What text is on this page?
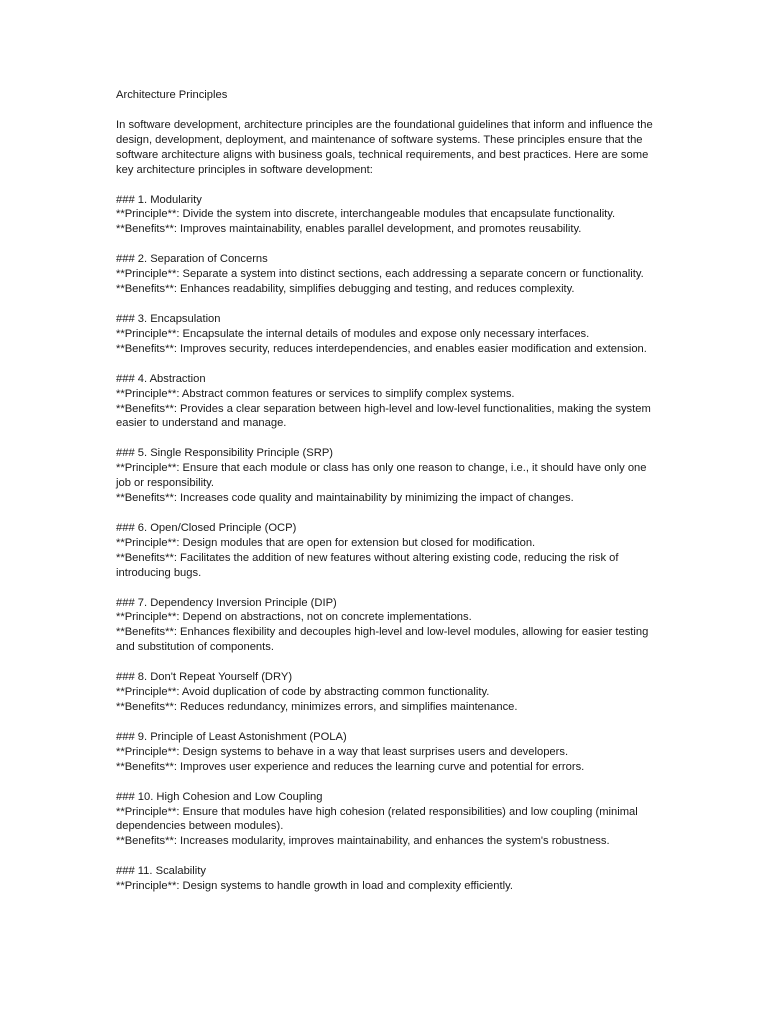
Architecture Principles

In software development, architecture principles are the foundational guidelines that inform and influence the design, development, deployment, and maintenance of software systems. These principles ensure that the software architecture aligns with business goals, technical requirements, and best practices. Here are some key architecture principles in software development:

### 1. Modularity
**Principle**: Divide the system into discrete, interchangeable modules that encapsulate functionality.
**Benefits**: Improves maintainability, enables parallel development, and promotes reusability.
### 2. Separation of Concerns
**Principle**: Separate a system into distinct sections, each addressing a separate concern or functionality.
**Benefits**: Enhances readability, simplifies debugging and testing, and reduces complexity.
### 3. Encapsulation
**Principle**: Encapsulate the internal details of modules and expose only necessary interfaces.
**Benefits**: Improves security, reduces interdependencies, and enables easier modification and extension.
### 4. Abstraction
**Principle**: Abstract common features or services to simplify complex systems.
**Benefits**: Provides a clear separation between high-level and low-level functionalities, making the system easier to understand and manage.
### 5. Single Responsibility Principle (SRP)
**Principle**: Ensure that each module or class has only one reason to change, i.e., it should have only one job or responsibility.
**Benefits**: Increases code quality and maintainability by minimizing the impact of changes.
### 6. Open/Closed Principle (OCP)
**Principle**: Design modules that are open for extension but closed for modification.
**Benefits**: Facilitates the addition of new features without altering existing code, reducing the risk of introducing bugs.
### 7. Dependency Inversion Principle (DIP)
**Principle**: Depend on abstractions, not on concrete implementations.
**Benefits**: Enhances flexibility and decouples high-level and low-level modules, allowing for easier testing and substitution of components.
### 8. Don't Repeat Yourself (DRY)
**Principle**: Avoid duplication of code by abstracting common functionality.
**Benefits**: Reduces redundancy, minimizes errors, and simplifies maintenance.
### 9. Principle of Least Astonishment (POLA)
**Principle**: Design systems to behave in a way that least surprises users and developers.
**Benefits**: Improves user experience and reduces the learning curve and potential for errors.
### 10. High Cohesion and Low Coupling
**Principle**: Ensure that modules have high cohesion (related responsibilities) and low coupling (minimal dependencies between modules).
**Benefits**: Increases modularity, improves maintainability, and enhances the system's robustness.
### 11. Scalability
**Principle**: Design systems to handle growth in load and complexity efficiently.
